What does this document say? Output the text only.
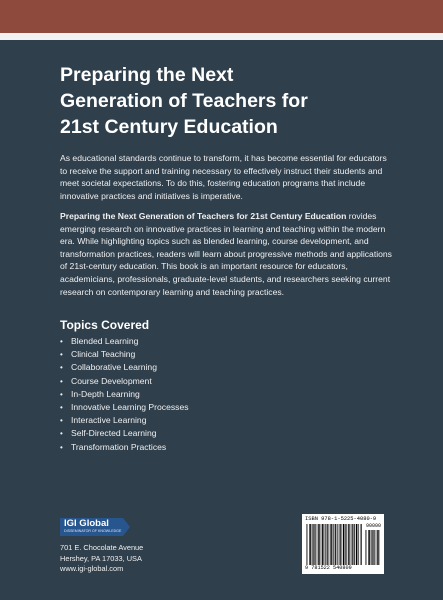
Preparing the Next
Generation of Teachers for
21st Century Education

As educational standards continue to transform, it has become essential for educators to receive the support and training necessary to effectively instruct their students and meet societal expectations. To do this, fostering education programs that include innovative practices and initiatives is imperative.

Preparing the Next Generation of Teachers for 21st Century Education rovides emerging research on innovative practices in learning and teaching within the modern era. While highlighting topics such as blended learning, course development, and transformation practices, readers will learn about progressive methods and applications of 21st-century education. This book is an important resource for educators, academicians, professionals, graduate-level students, and researchers seeking current research on contemporary learning and teaching practices.

Topics Covered
• Blended Learning
• Clinical Teaching
• Collaborative Learning
• Course Development
• In-Depth Learning
• Innovative Learning Processes
• Interactive Learning
• Self-Directed Learning
• Transformation Practices
IGI Global
DISSEMINATOR OF KNOWLEDGE
701 E. Chocolate Avenue
Hershey, PA 17033, USA
www.igi-global.com
ISBN 978-1-5225-4080-9
90000
9 781522 540809
